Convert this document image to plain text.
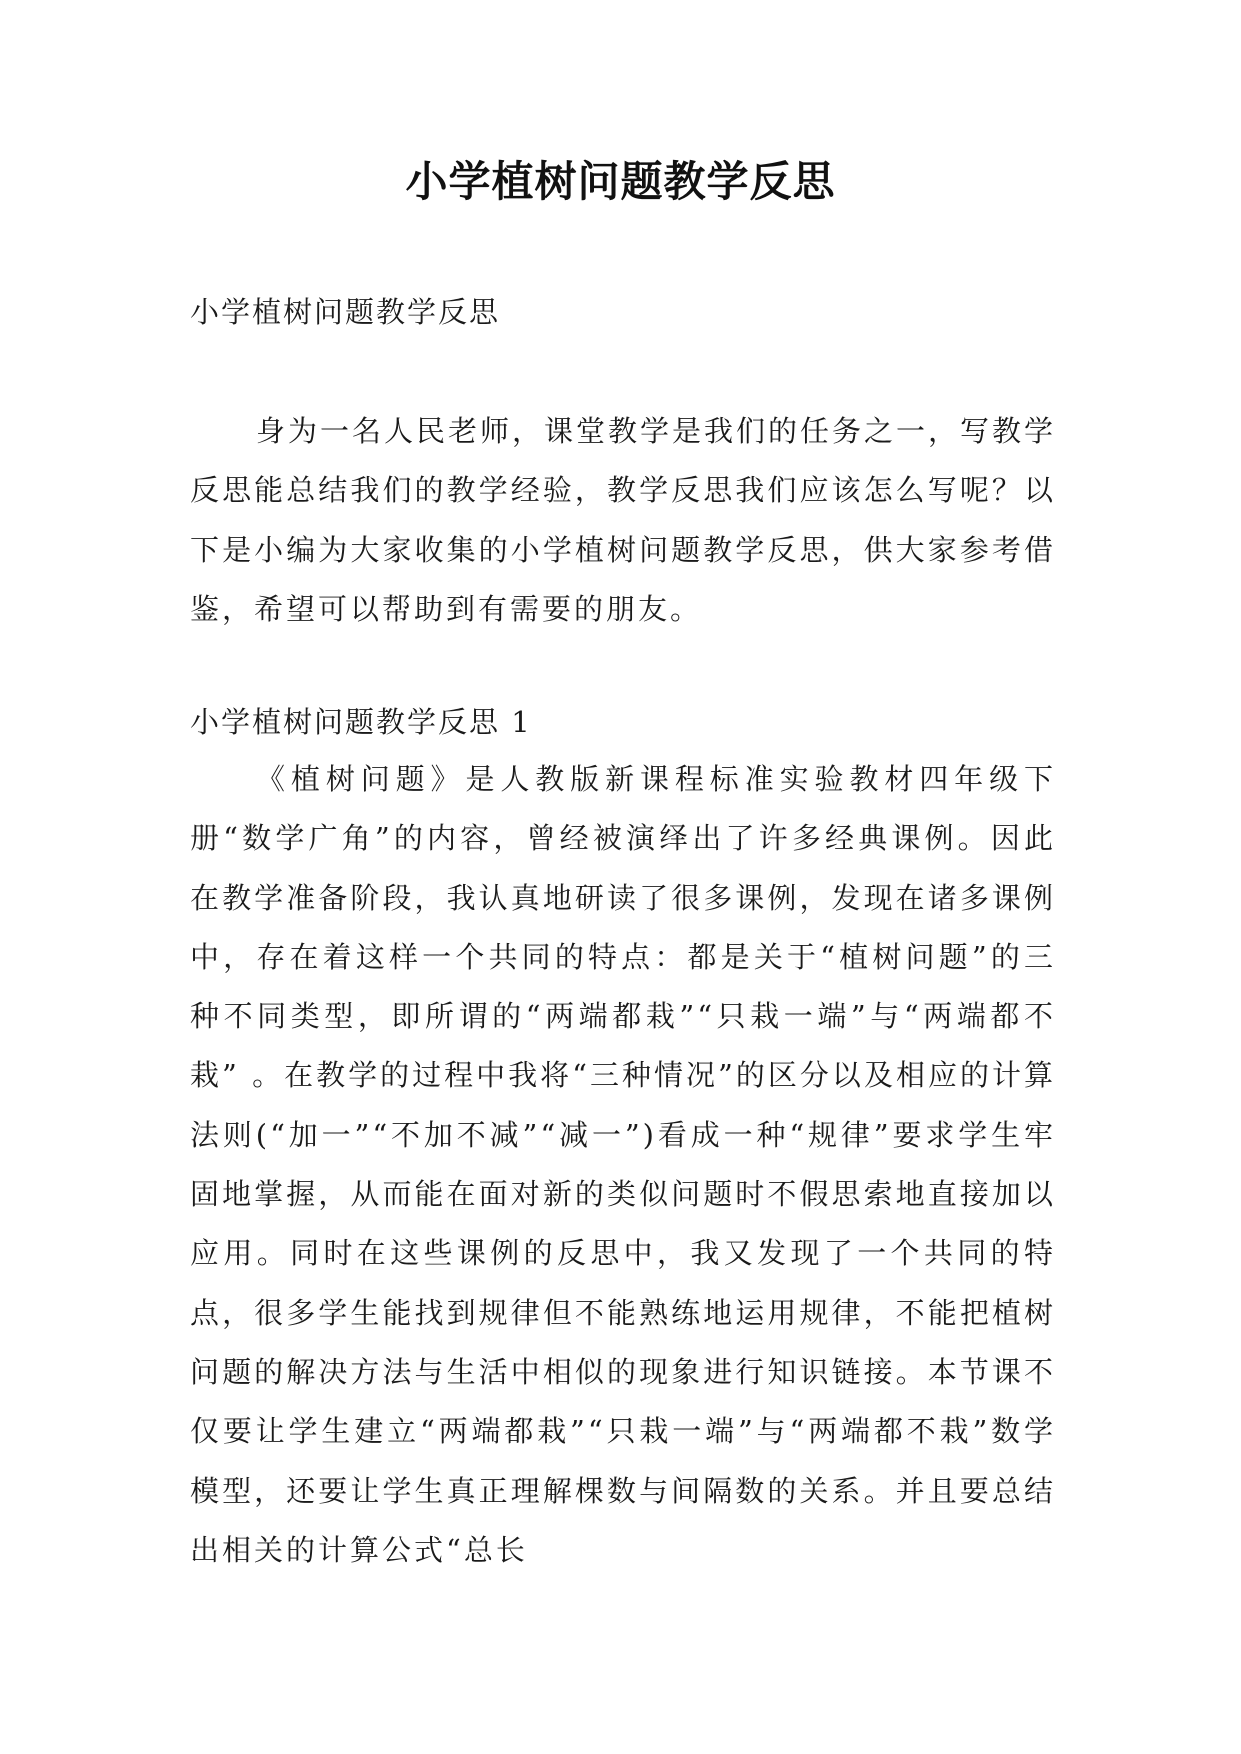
小学植树问题教学反思
小学植树问题教学反思

身为一名人民老师，课堂教学是我们的任务之一，写教学反思能总结我们的教学经验，教学反思我们应该怎么写呢？以下是小编为大家收集的小学植树问题教学反思，供大家参考借鉴，希望可以帮助到有需要的朋友。

小学植树问题教学反思 1

《植树问题》是人教版新课程标准实验教材四年级下册“数学广角”的内容，曾经被演绎出了许多经典课例。因此在教学准备阶段，我认真地研读了很多课例，发现在诸多课例中，存在着这样一个共同的特点：都是关于“植树问题”的三种不同类型，即所谓的“两端都栽”“只栽一端”与“两端都不栽” 。在教学的过程中我将“三种情况”的区分以及相应的计算法则(“加一”“不加不减”“减一”)看成一种“规律”要求学生牢固地掌握，从而能在面对新的类似问题时不假思索地直接加以应用。同时在这些课例的反思中，我又发现了一个共同的特点，很多学生能找到规律但不能熟练地运用规律，不能把植树问题的解决方法与生活中相似的现象进行知识链接。本节课不仅要让学生建立“两端都栽”“只栽一端”与“两端都不栽”数学模型，还要让学生真正理解棵数与间隔数的关系。并且要总结出相关的计算公式“总长
